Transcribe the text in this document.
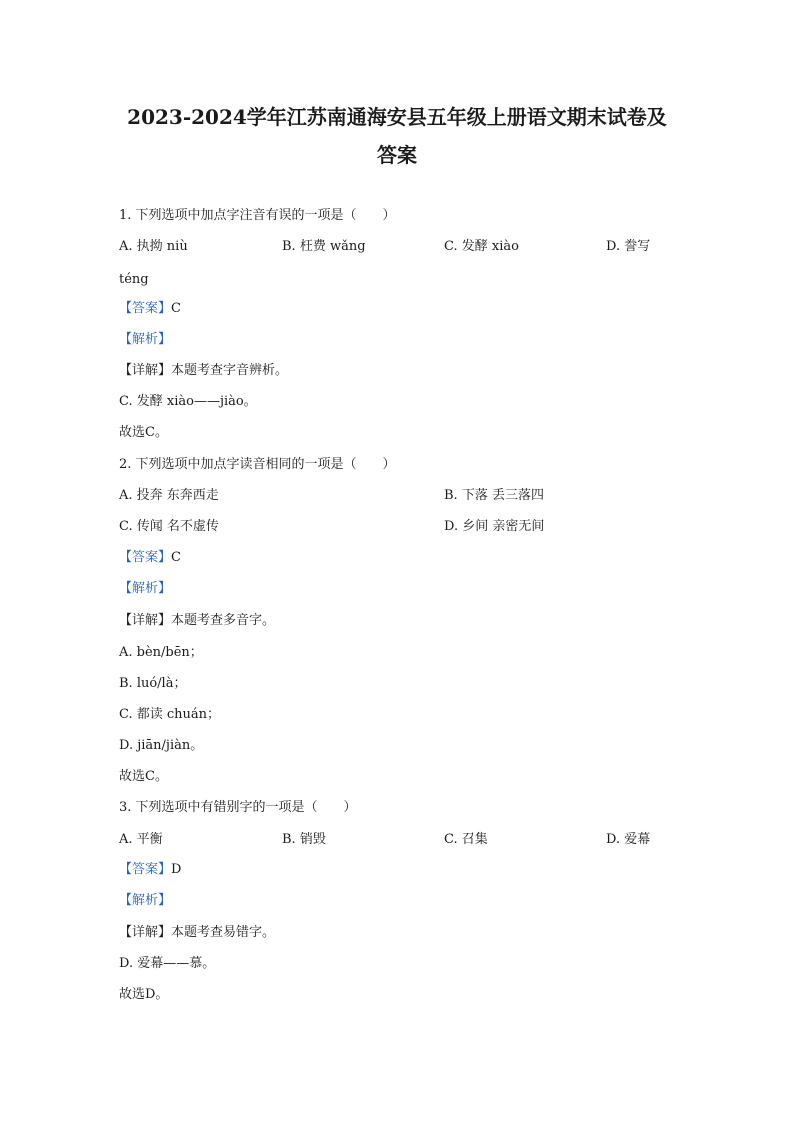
2023-2024学年江苏南通海安县五年级上册语文期末试卷及
答案
1. 下列选项中加点字注音有误的一项是（　　）
A. 执拗 niù	B. 枉费 wǎng	C. 发酵 xiào	D. 誊写
téng
【答案】C
【解析】
【详解】本题考查字音辨析。
C. 发酵 xiào——jiào。
故选C。
2. 下列选项中加点字读音相同的一项是（　　）
A. 投奔 东奔西走	B. 下落 丢三落四
C. 传闻 名不虚传	D. 乡间 亲密无间
【答案】C
【解析】
【详解】本题考查多音字。
A. bèn/bēn；
B. luó/là；
C. 都读 chuán；
D. jiān/jiàn。
故选C。
3. 下列选项中有错别字的一项是（　　）
A. 平衡	B. 销毁	C. 召集	D. 爱幕
【答案】D
【解析】
【详解】本题考查易错字。
D. 爱幕——慕。
故选D。
